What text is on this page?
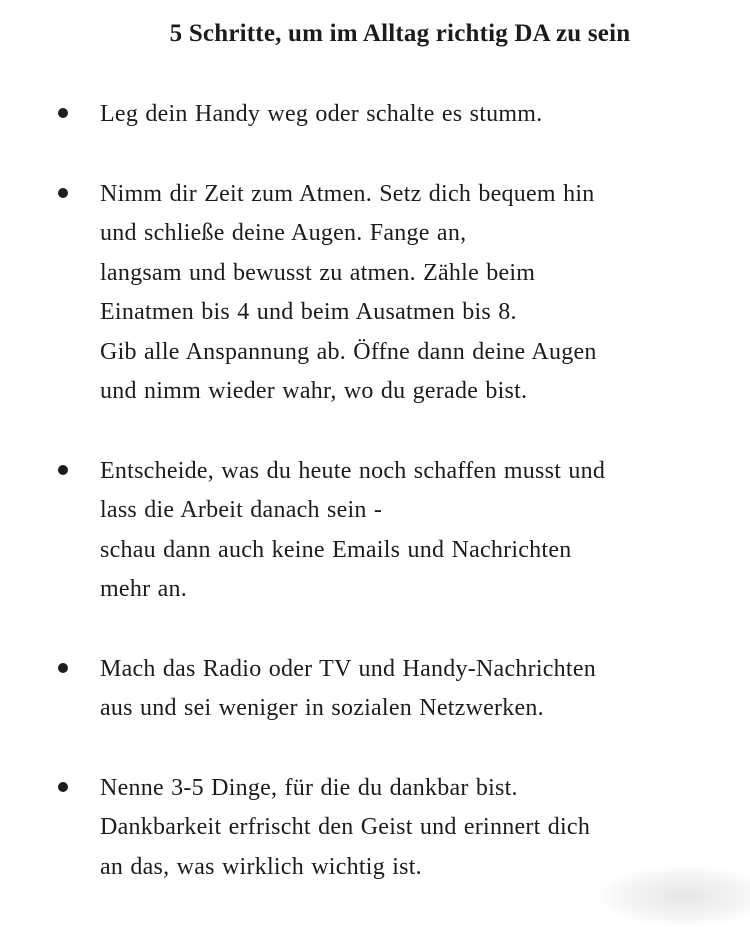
5 Schritte, um im Alltag richtig DA zu sein
Leg dein Handy weg oder schalte es stumm.
Nimm dir Zeit zum Atmen. Setz dich bequem hin
und schließe deine Augen. Fange an,
langsam und bewusst zu atmen. Zähle beim
Einatmen bis 4 und beim Ausatmen bis 8.
Gib alle Anspannung ab. Öffne dann deine Augen
und nimm wieder wahr, wo du gerade bist.
Entscheide, was du heute noch schaffen musst und
lass die Arbeit danach sein -
schau dann auch keine Emails und Nachrichten
mehr an.
Mach das Radio oder TV und Handy-Nachrichten
aus und sei weniger in sozialen Netzwerken.
Nenne 3-5 Dinge, für die du dankbar bist.
Dankbarkeit erfrischt den Geist und erinnert dich
an das, was wirklich wichtig ist.
